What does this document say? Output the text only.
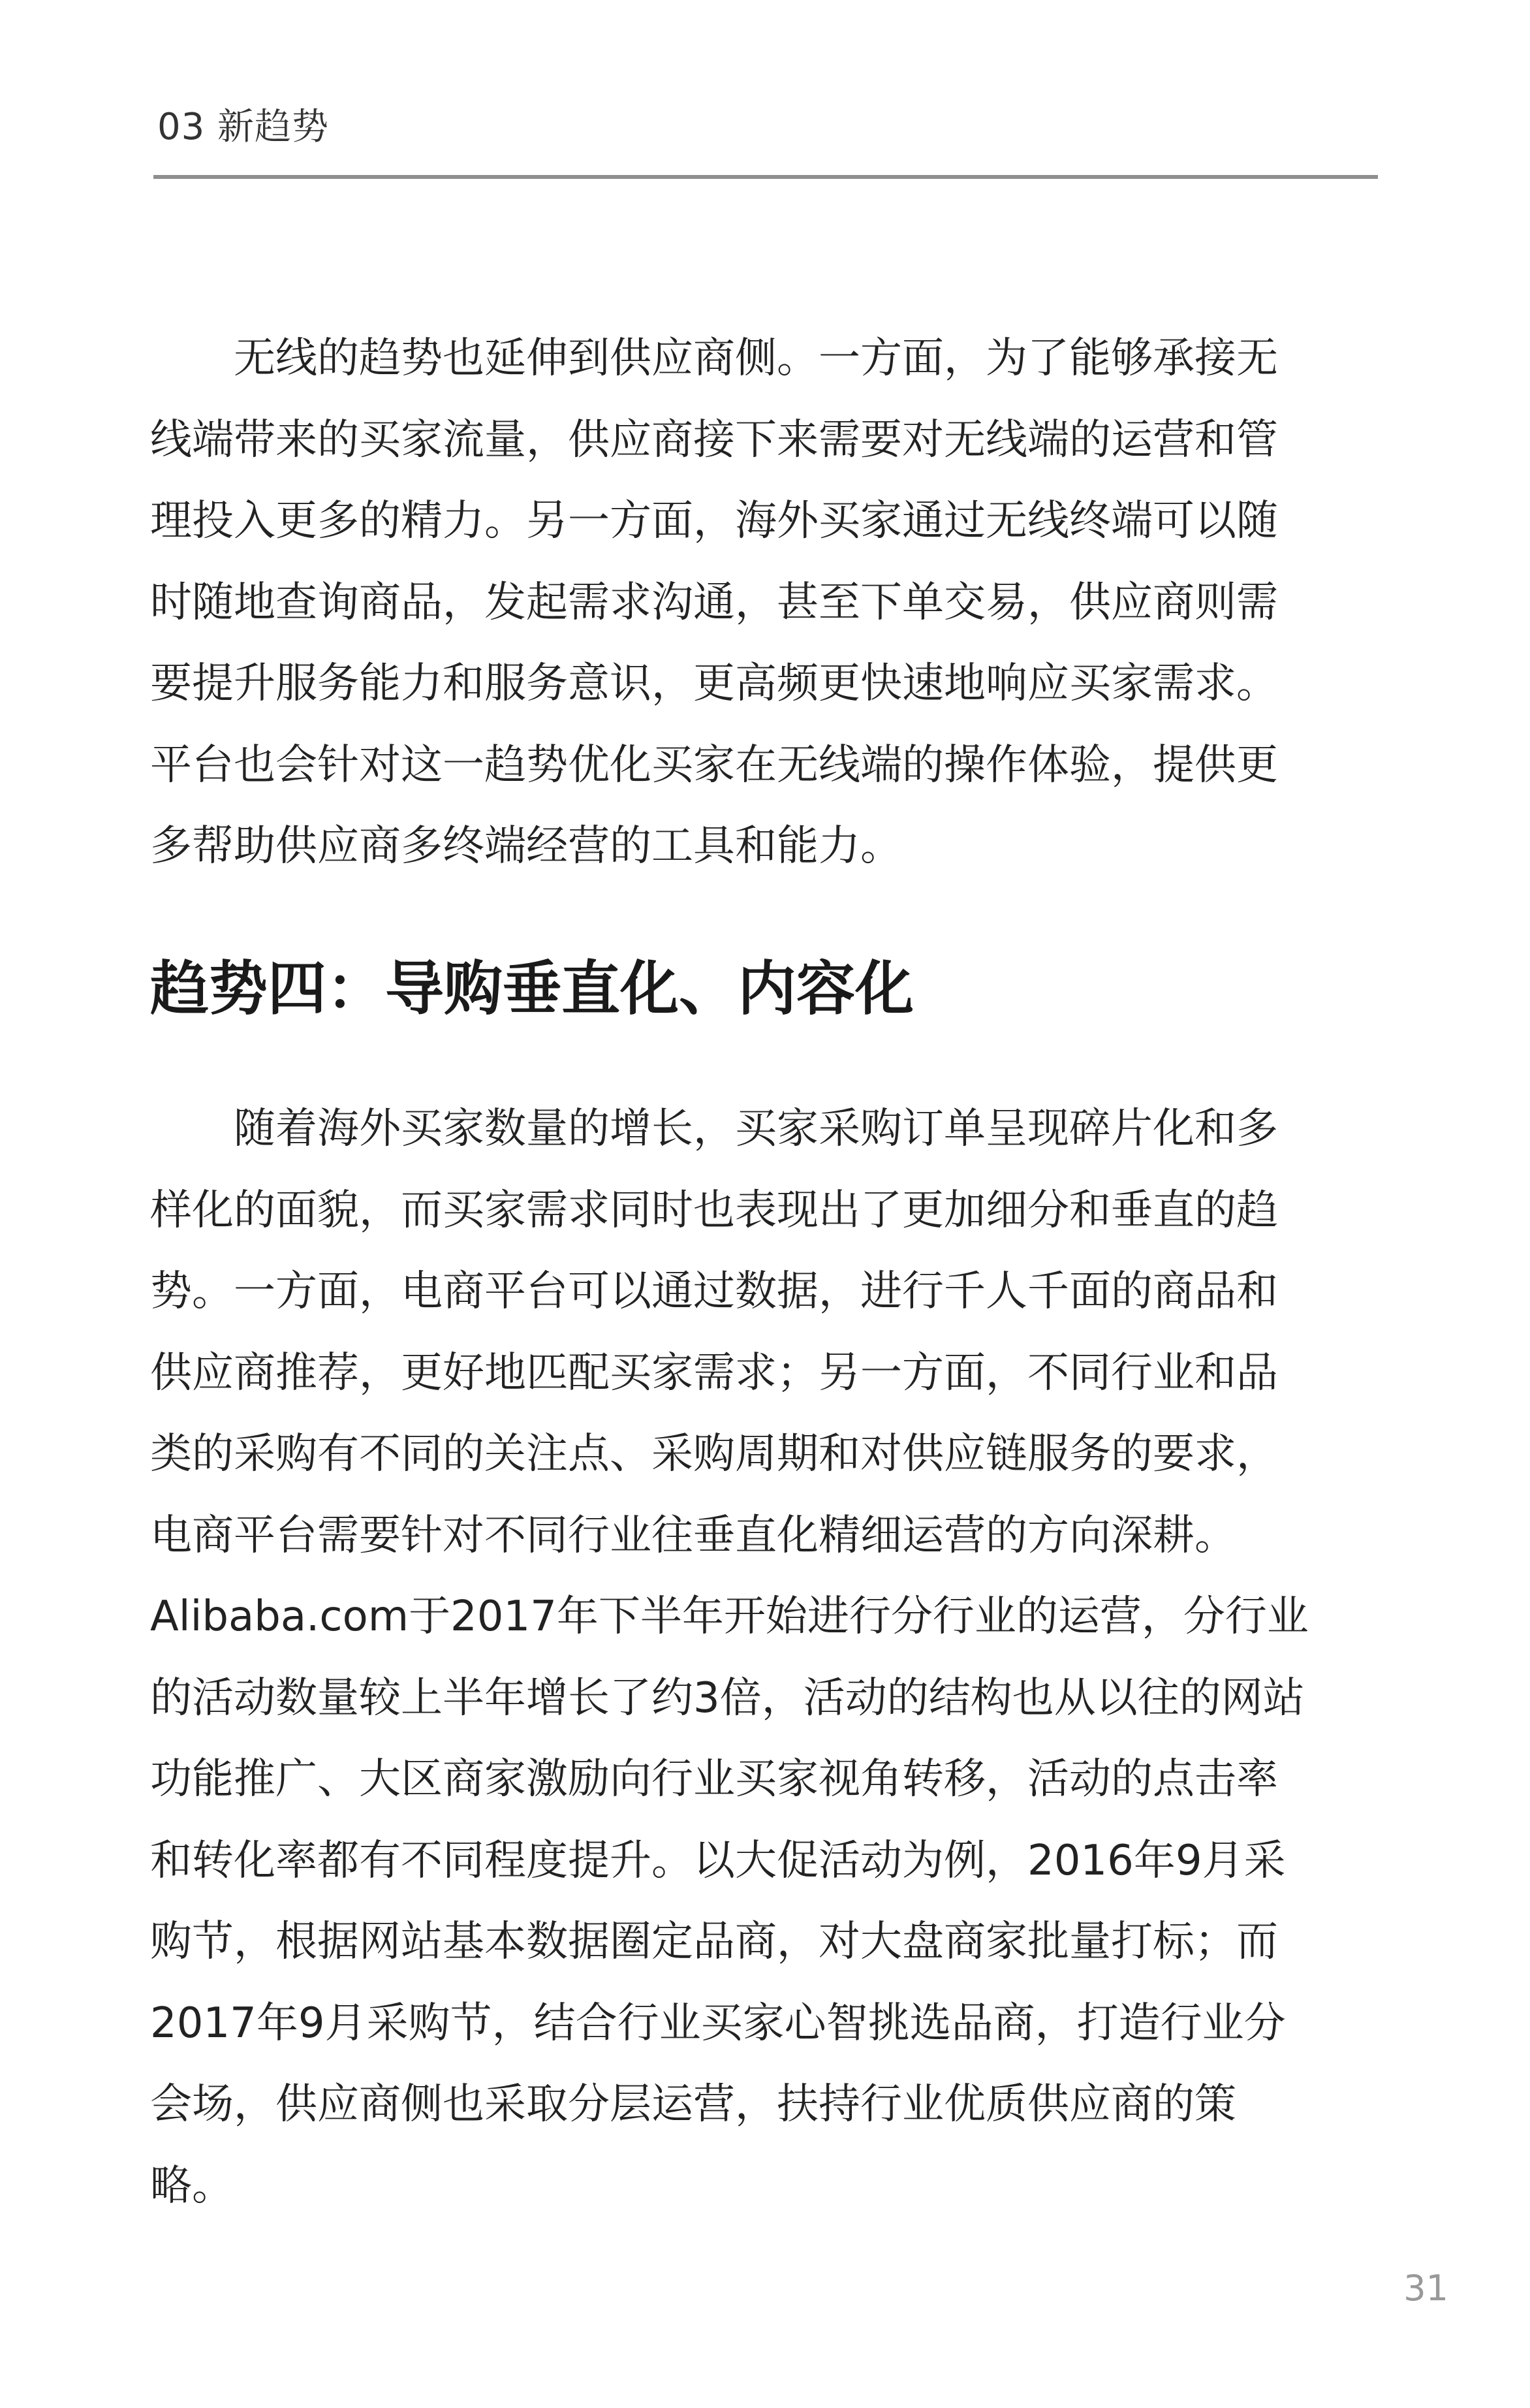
03 新趋势
　　无线的趋势也延伸到供应商侧。一方面，为了能够承接无
线端带来的买家流量，供应商接下来需要对无线端的运营和管
理投入更多的精力。另一方面，海外买家通过无线终端可以随
时随地查询商品，发起需求沟通，甚至下单交易，供应商则需
要提升服务能力和服务意识，更高频更快速地响应买家需求。
平台也会针对这一趋势优化买家在无线端的操作体验，提供更
多帮助供应商多终端经营的工具和能力。
趋势四：导购垂直化、内容化
　　随着海外买家数量的增长，买家采购订单呈现碎片化和多
样化的面貌，而买家需求同时也表现出了更加细分和垂直的趋
势。一方面，电商平台可以通过数据，进行千人千面的商品和
供应商推荐，更好地匹配买家需求；另一方面，不同行业和品
类的采购有不同的关注点、采购周期和对供应链服务的要求，
电商平台需要针对不同行业往垂直化精细运营的方向深耕。
Alibaba.com于2017年下半年开始进行分行业的运营，分行业
的活动数量较上半年增长了约3倍，活动的结构也从以往的网站
功能推广、大区商家激励向行业买家视角转移，活动的点击率
和转化率都有不同程度提升。以大促活动为例，2016年9月采
购节，根据网站基本数据圈定品商，对大盘商家批量打标；而
2017年9月采购节，结合行业买家心智挑选品商，打造行业分
会场，供应商侧也采取分层运营，扶持行业优质供应商的策
略。
31
